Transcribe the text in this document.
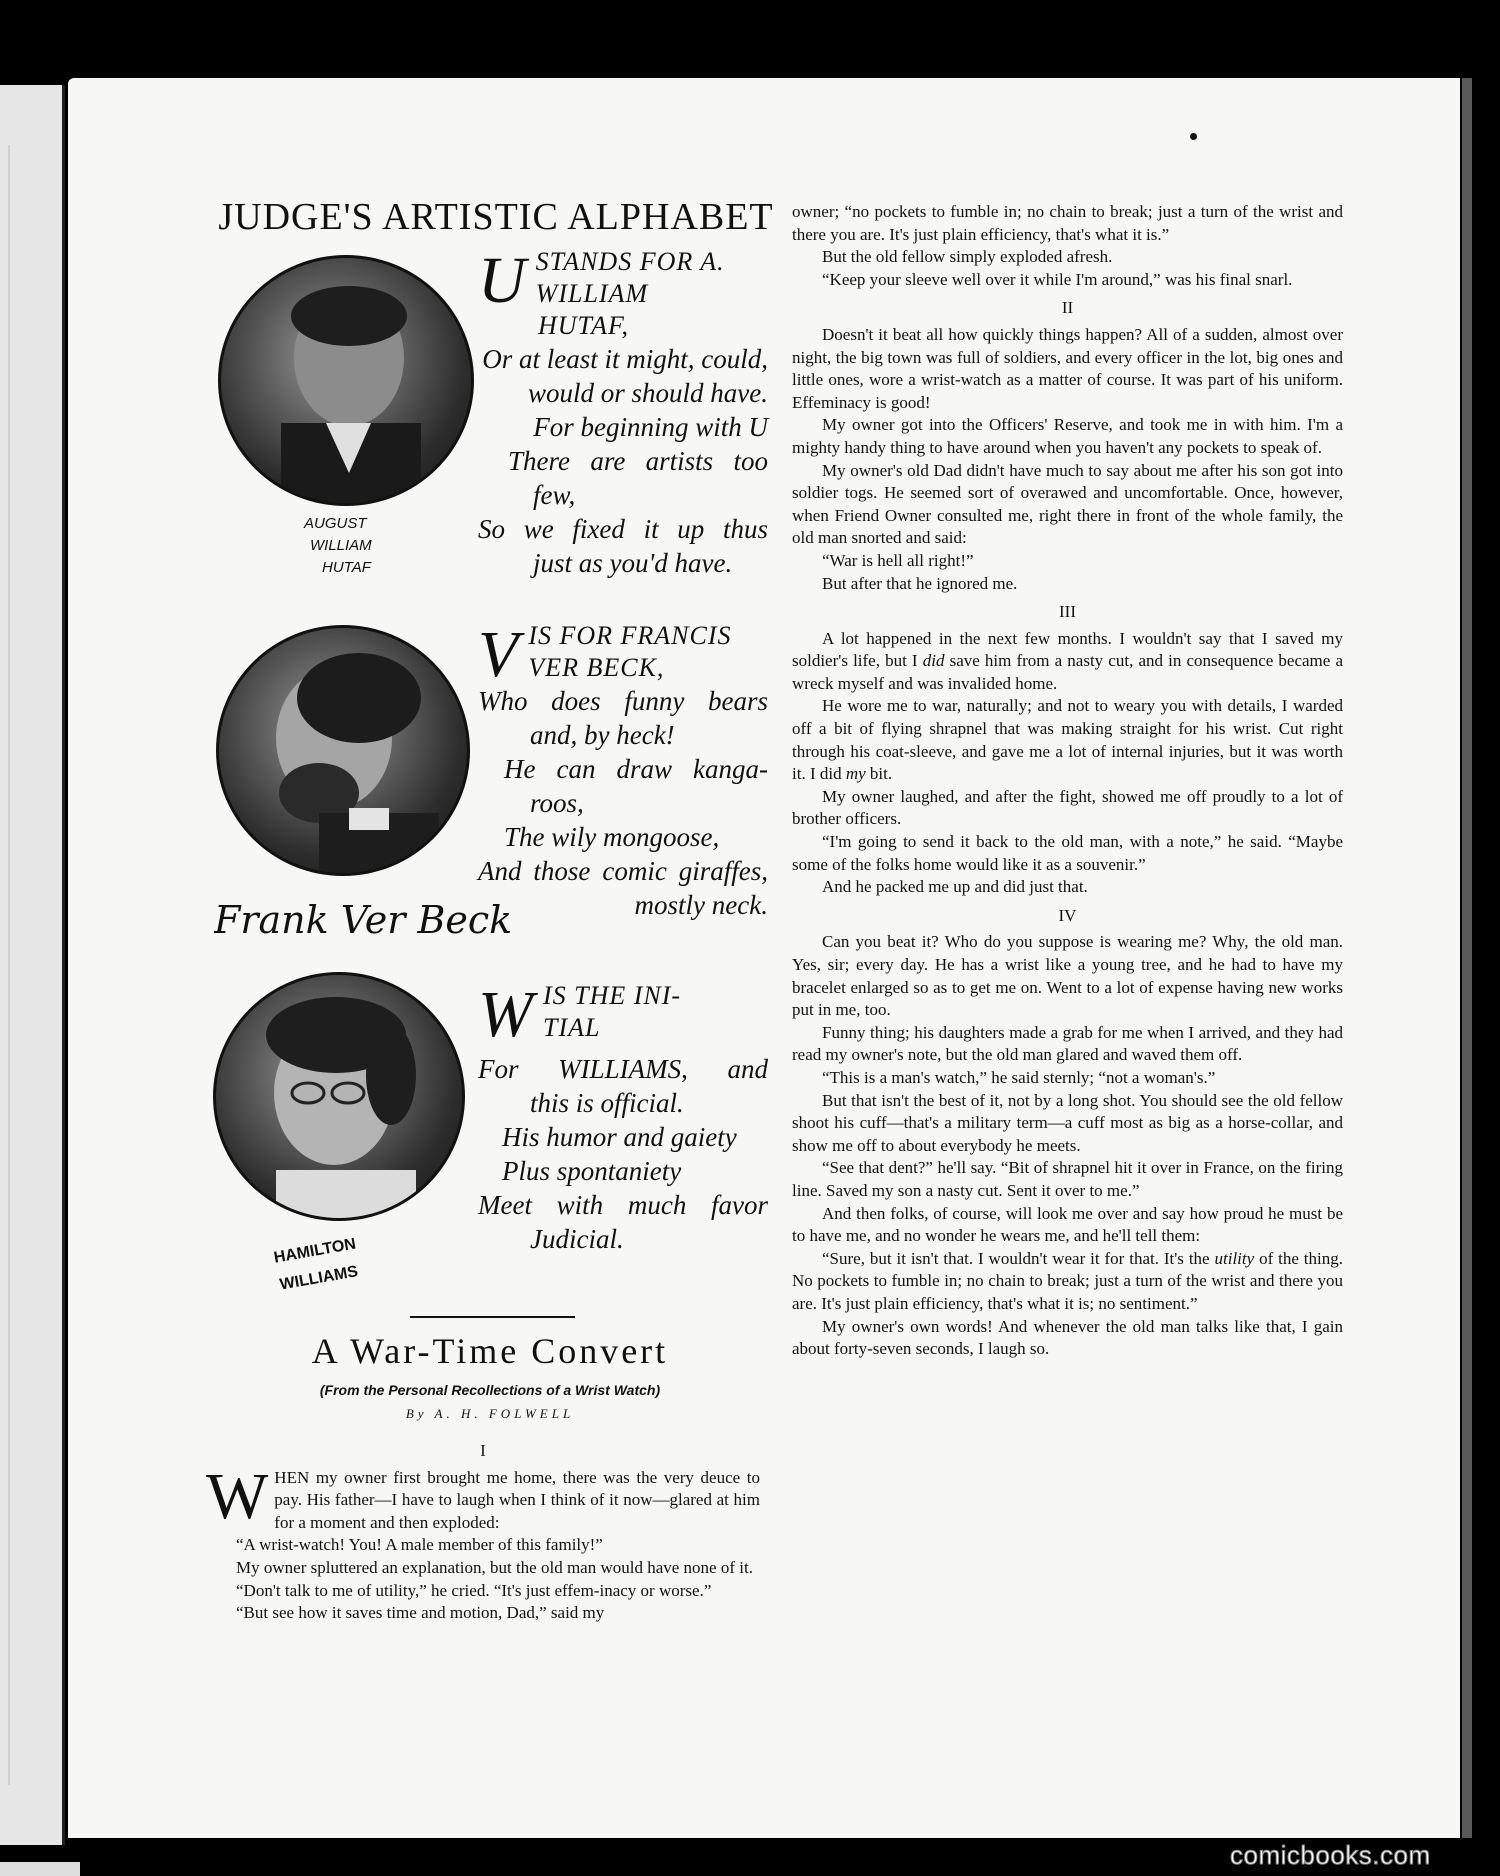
JUDGE'S ARTISTIC ALPHABET
AUGUST
WILLIAM
HUTAF
U STANDS FOR A.
WILLIAM
HUTAF,
Or at least it might, could,
would or should have.
For beginning with U
There are artists too
few,
So we fixed it up thus
just as you'd have.
Frank Ver Beck
V IS FOR FRANCIS
VER BECK,
Who does funny bears
and, by heck!
He can draw kanga-
roos,
The wily mongoose,
And those comic giraffes,
mostly neck.
HAMILTON
WILLIAMS
W IS THE INI-
TIAL
For WILLIAMS, and
this is official.
His humor and gaiety
Plus spontaniety
Meet with much favor
Judicial.
A War-Time Convert
(From the Personal Recollections of a Wrist Watch)
By A. H. FOLWELL
I

WHEN my owner first brought me home, there was the very deuce to pay. His father—I have to laugh when I think of it now—glared at him for a moment and then exploded:

“A wrist-watch! You! A male member of this family!”

My owner spluttered an explanation, but the old man would have none of it.

“Don't talk to me of utility,” he cried. “It's just effem-inacy or worse.”

“But see how it saves time and motion, Dad,” said my

owner; “no pockets to fumble in; no chain to break; just a turn of the wrist and there you are. It's just plain efficiency, that's what it is.”

But the old fellow simply exploded afresh.

“Keep your sleeve well over it while I'm around,” was his final snarl.

II

Doesn't it beat all how quickly things happen? All of a sudden, almost over night, the big town was full of soldiers, and every officer in the lot, big ones and little ones, wore a wrist-watch as a matter of course. It was part of his uniform. Effeminacy is good!

My owner got into the Officers' Reserve, and took me in with him. I'm a mighty handy thing to have around when you haven't any pockets to speak of.

My owner's old Dad didn't have much to say about me after his son got into soldier togs. He seemed sort of overawed and uncomfortable. Once, however, when Friend Owner consulted me, right there in front of the whole family, the old man snorted and said:

“War is hell all right!”

But after that he ignored me.

III

A lot happened in the next few months. I wouldn't say that I saved my soldier's life, but I did save him from a nasty cut, and in consequence became a wreck myself and was invalided home.

He wore me to war, naturally; and not to weary you with details, I warded off a bit of flying shrapnel that was making straight for his wrist. Cut right through his coat-sleeve, and gave me a lot of internal injuries, but it was worth it. I did my bit.

My owner laughed, and after the fight, showed me off proudly to a lot of brother officers.

“I'm going to send it back to the old man, with a note,” he said. “Maybe some of the folks home would like it as a souvenir.”

And he packed me up and did just that.

IV

Can you beat it? Who do you suppose is wearing me? Why, the old man. Yes, sir; every day. He has a wrist like a young tree, and he had to have my bracelet enlarged so as to get me on. Went to a lot of expense having new works put in me, too.

Funny thing; his daughters made a grab for me when I arrived, and they had read my owner's note, but the old man glared and waved them off.

“This is a man's watch,” he said sternly; “not a woman's.”

But that isn't the best of it, not by a long shot. You should see the old fellow shoot his cuff—that's a military term—a cuff most as big as a horse-collar, and show me off to about everybody he meets.

“See that dent?” he'll say. “Bit of shrapnel hit it over in France, on the firing line. Saved my son a nasty cut. Sent it over to me.”

And then folks, of course, will look me over and say how proud he must be to have me, and no wonder he wears me, and he'll tell them:

“Sure, but it isn't that. I wouldn't wear it for that. It's the utility of the thing. No pockets to fumble in; no chain to break; just a turn of the wrist and there you are. It's just plain efficiency, that's what it is; no sentiment.”

My owner's own words! And whenever the old man talks like that, I gain about forty-seven seconds, I laugh so.

comicbooks.com
